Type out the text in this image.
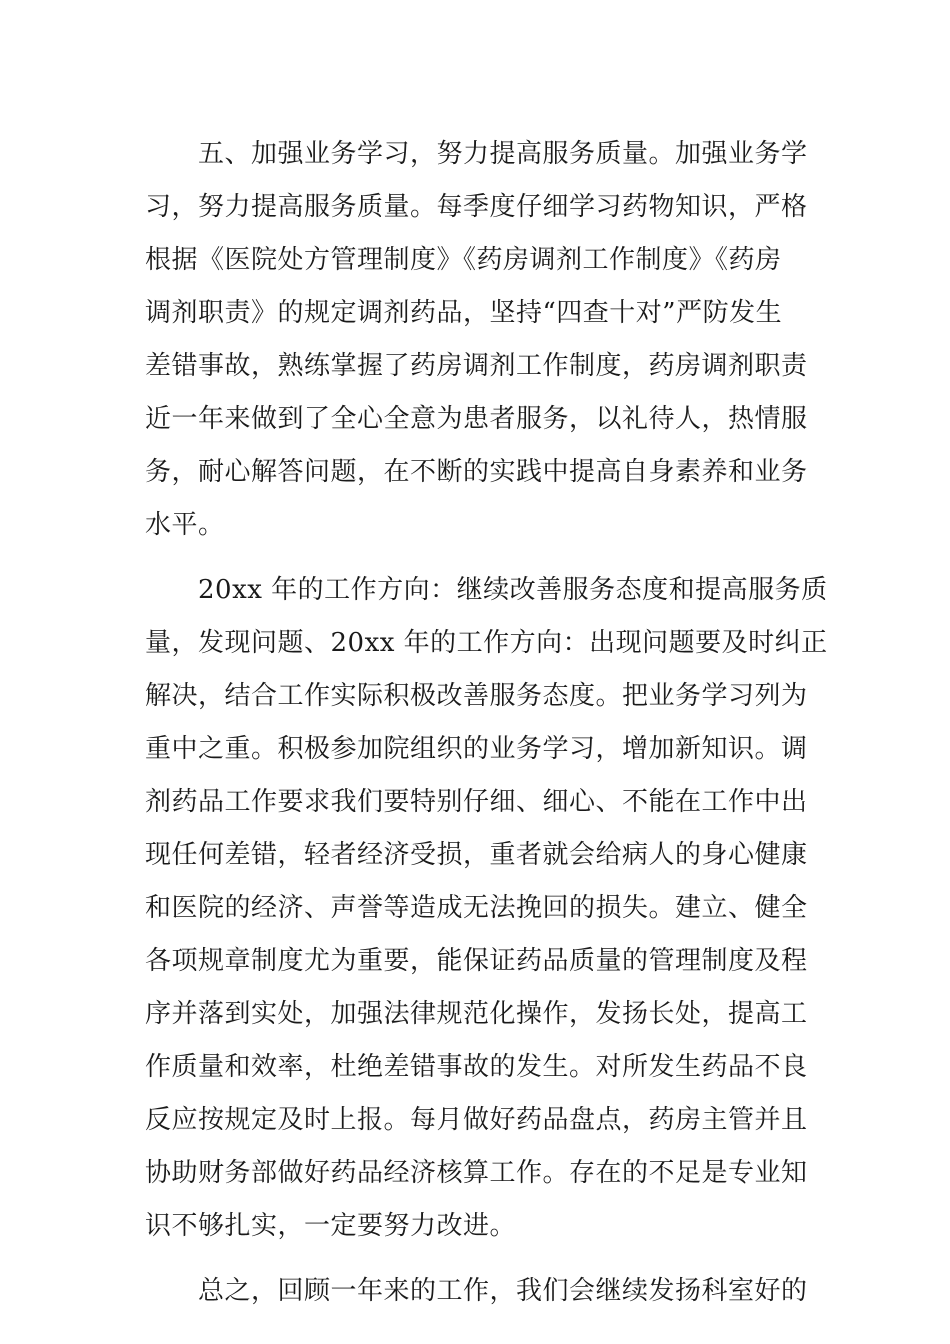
　　五、加强业务学习，努力提高服务质量。加强业务学
习，努力提高服务质量。每季度仔细学习药物知识，严格
根据《医院处方管理制度》《药房调剂工作制度》《药房
调剂职责》的规定调剂药品，坚持“四查十对”严防发生
差错事故，熟练掌握了药房调剂工作制度，药房调剂职责
近一年来做到了全心全意为患者服务，以礼待人，热情服
务，耐心解答问题，在不断的实践中提高自身素养和业务
水平。
　　20xx 年的工作方向：继续改善服务态度和提高服务质
量，发现问题、20xx 年的工作方向：出现问题要及时纠正
解决，结合工作实际积极改善服务态度。把业务学习列为
重中之重。积极参加院组织的业务学习，增加新知识。调
剂药品工作要求我们要特别仔细、细心、不能在工作中出
现任何差错，轻者经济受损，重者就会给病人的身心健康
和医院的经济、声誉等造成无法挽回的损失。建立、健全
各项规章制度尤为重要，能保证药品质量的管理制度及程
序并落到实处，加强法律规范化操作，发扬长处，提高工
作质量和效率，杜绝差错事故的发生。对所发生药品不良
反应按规定及时上报。每月做好药品盘点，药房主管并且
协助财务部做好药品经济核算工作。存在的不足是专业知
识不够扎实，一定要努力改进。
　　总之，回顾一年来的工作，我们会继续发扬科室好的
